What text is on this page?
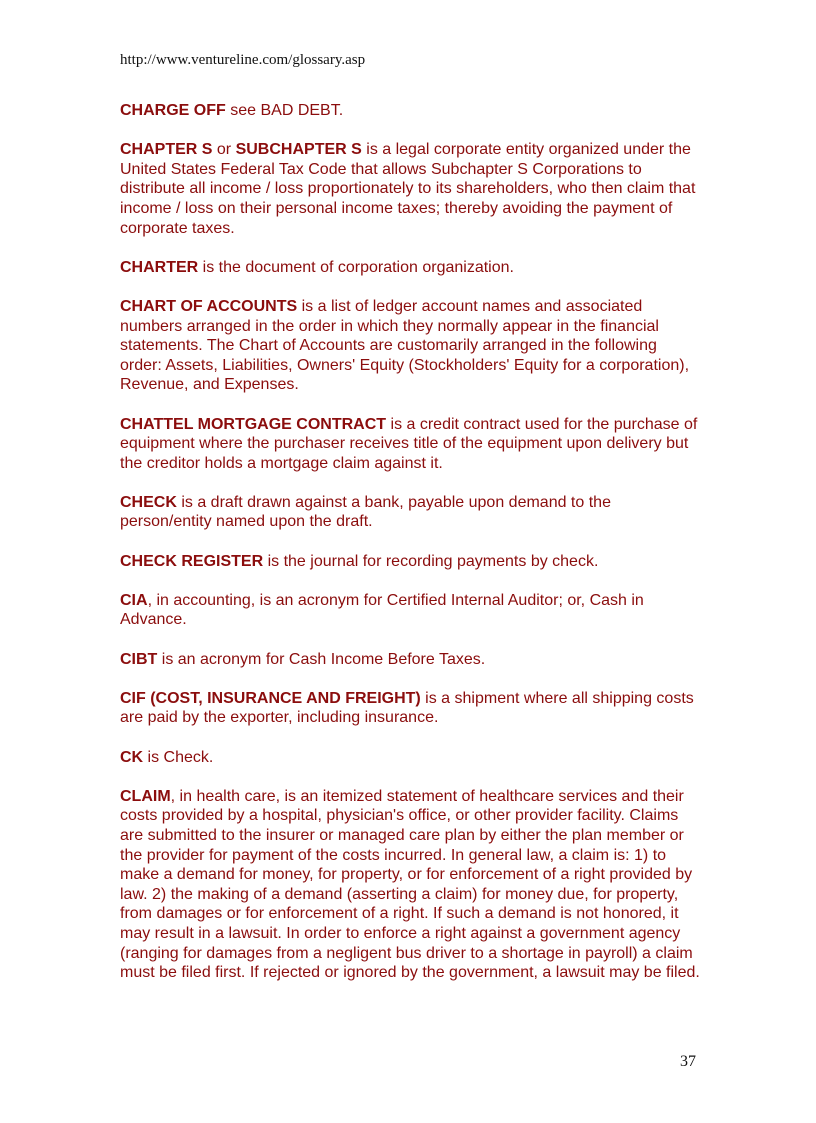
http://www.ventureline.com/glossary.asp

CHARGE OFF see BAD DEBT.

CHAPTER S or SUBCHAPTER S is a legal corporate entity organized under the United States Federal Tax Code that allows Subchapter S Corporations to distribute all income / loss proportionately to its shareholders, who then claim that income / loss on their personal income taxes; thereby avoiding the payment of corporate taxes.

CHARTER is the document of corporation organization.

CHART OF ACCOUNTS is a list of ledger account names and associated numbers arranged in the order in which they normally appear in the financial statements. The Chart of Accounts are customarily arranged in the following order: Assets, Liabilities, Owners' Equity (Stockholders' Equity for a corporation), Revenue, and Expenses.

CHATTEL MORTGAGE CONTRACT is a credit contract used for the purchase of equipment where the purchaser receives title of the equipment upon delivery but the creditor holds a mortgage claim against it.

CHECK is a draft drawn against a bank, payable upon demand to the person/entity named upon the draft.

CHECK REGISTER is the journal for recording payments by check.

CIA, in accounting, is an acronym for Certified Internal Auditor; or, Cash in Advance.

CIBT is an acronym for Cash Income Before Taxes.

CIF (COST, INSURANCE AND FREIGHT) is a shipment where all shipping costs are paid by the exporter, including insurance.

CK is Check.

CLAIM, in health care, is an itemized statement of healthcare services and their costs provided by a hospital, physician's office, or other provider facility. Claims are submitted to the insurer or managed care plan by either the plan member or the provider for payment of the costs incurred. In general law, a claim is: 1) to make a demand for money, for property, or for enforcement of a right provided by law. 2) the making of a demand (asserting a claim) for money due, for property, from damages or for enforcement of a right. If such a demand is not honored, it may result in a lawsuit. In order to enforce a right against a government agency (ranging for damages from a negligent bus driver to a shortage in payroll) a claim must be filed first. If rejected or ignored by the government, a lawsuit may be filed.

37
